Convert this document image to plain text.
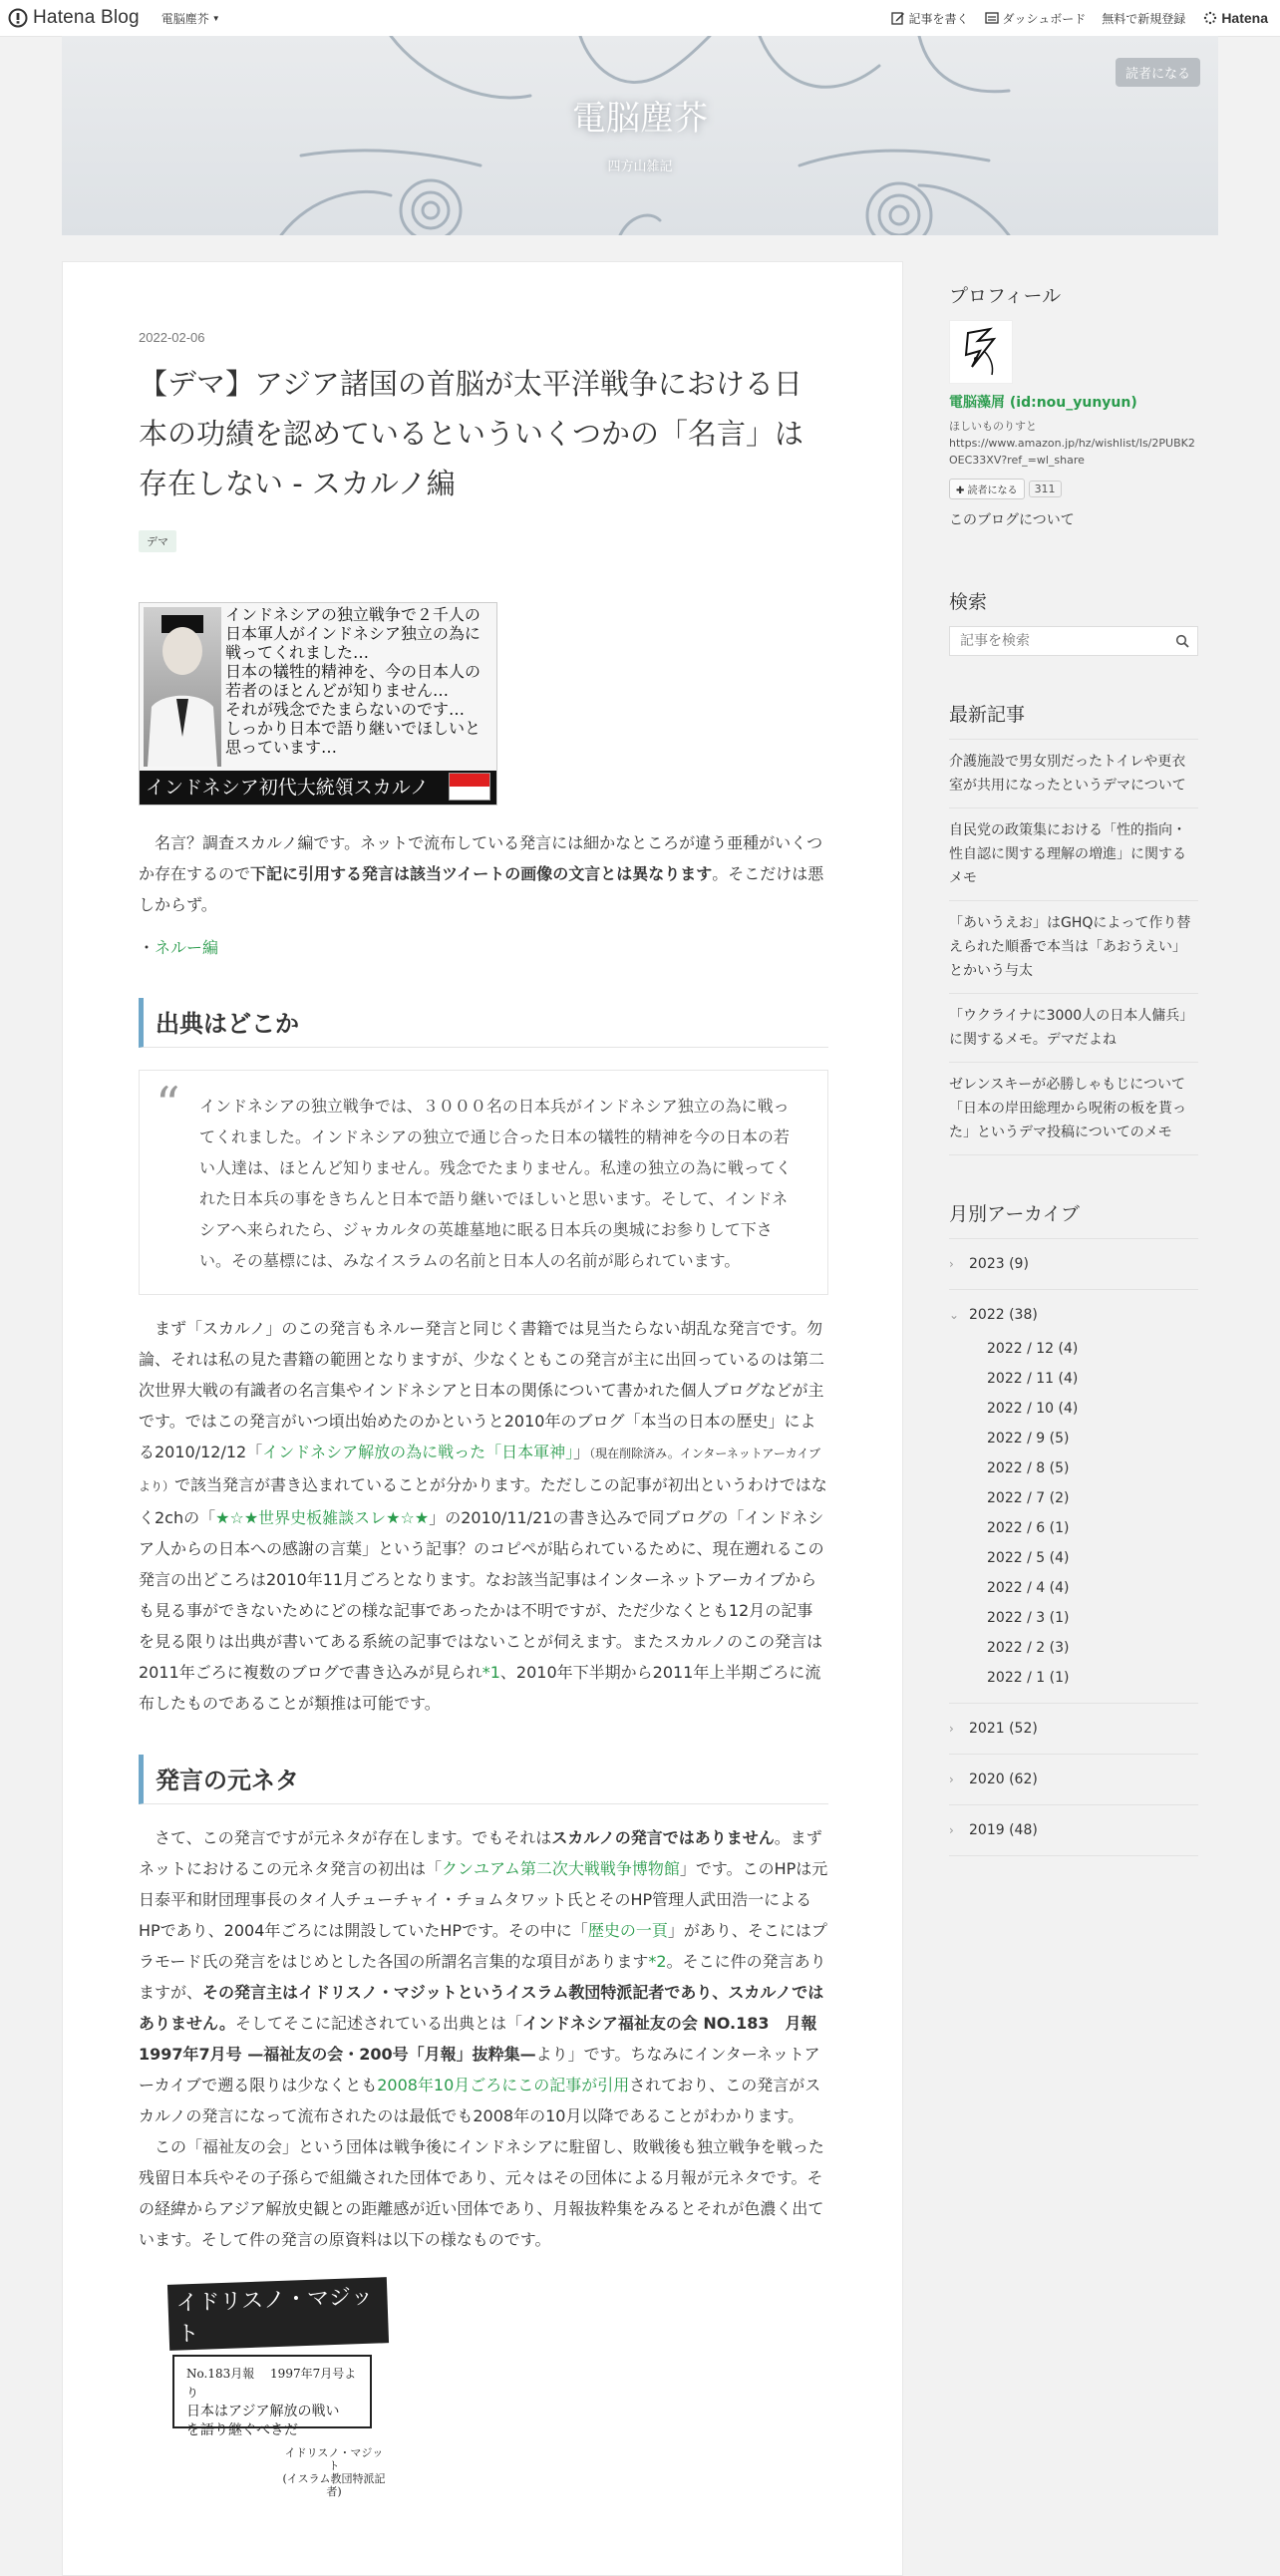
Hatena Blog 電脳塵芥 ▼	記事を書く	ダッシュボード 無料で新規登録	Hatena
電脳塵芥
四方山雑記
読者になる
2022-02-06
【デマ】アジア諸国の首脳が太平洋戦争における日本の功績を認めているといういくつかの「名言」は存在しない - スカルノ編
デマ
インドネシアの独立戦争で２千人の日本軍人がインドネシア独立の為に戦ってくれました…
日本の犠牲的精神を、今の日本人の若者のほとんどが知りません…
それが残念でたまらないのです…
しっかり日本で語り継いでほしいと思っています…
インドネシア初代大統領スカルノ

名言？調査スカルノ編です。ネットで流布している発言には細かなところが違う亜種がいくつか存在するので下記に引用する発言は該当ツイートの画像の文言とは異なります。そこだけは悪しからず。

・ネルー編
出典はどこか
“ インドネシアの独立戦争では、３０００名の日本兵がインドネシア独立の為に戦ってくれました。インドネシアの独立で通じ合った日本の犠牲的精神を今の日本の若い人達は、ほとんど知りません。残念でたまりません。私達の独立の為に戦ってくれた日本兵の事をきちんと日本で語り継いでほしいと思います。そして、インドネシアへ来られたら、ジャカルタの英雄墓地に眠る日本兵の奥城にお参りして下さい。その墓標には、みなイスラムの名前と日本人の名前が彫られています。

まず「スカルノ」のこの発言もネルー発言と同じく書籍では見当たらない胡乱な発言です。勿論、それは私の見た書籍の範囲となりますが、少なくともこの発言が主に出回っているのは第二次世界大戦の有識者の名言集やインドネシアと日本の関係について書かれた個人ブログなどが主です。ではこの発言がいつ頃出始めたのかというと2010年のブログ「本当の日本の歴史」による2010/12/12「インドネシア解放の為に戦った「日本軍神」」（現在削除済み。インターネットアーカイブより）で該当発言が書き込まれていることが分かります。ただしこの記事が初出というわけではなく2chの「★☆★世界史板雑談スレ★☆★」の2010/11/21の書き込みで同ブログの「インドネシア人からの日本への感謝の言葉」という記事？のコピペが貼られているために、現在遡れるこの発言の出どころは2010年11月ごろとなります。なお該当記事はインターネットアーカイブからも見る事ができないためにどの様な記事であったかは不明ですが、ただ少なくとも12月の記事を見る限りは出典が書いてある系統の記事ではないことが伺えます。またスカルノのこの発言は2011年ごろに複数のブログで書き込みが見られ*1、2010年下半期から2011年上半期ごろに流布したものであることが類推は可能です。

発言の元ネタ

さて、この発言ですが元ネタが存在します。でもそれはスカルノの発言ではありません。まずネットにおけるこの元ネタ発言の初出は「クンユアム第二次大戦戦争博物館」です。このHPは元日泰平和財団理事長のタイ人チューチャイ・チョムタワット氏とそのHP管理人武田浩一によるHPであり、2004年ごろには開設していたHPです。その中に「歴史の一頁」があり、そこにはプラモード氏の発言をはじめとした各国の所謂名言集的な項目があります*2。そこに件の発言ありますが、その発言主はイドリスノ・マジットというイスラム教団特派記者であり、スカルノではありません。そしてそこに記述されている出典とは「インドネシア福祉友の会 NO.183　月報　1997年7月号 —福祉友の会・200号「月報」抜粋集—より」です。ちなみにインターネットアーカイブで遡る限りは少なくとも2008年10月ごろにこの記事が引用されており、この発言がスカルノの発言になって流布されたのは最低でも2008年の10月以降であることがわかります。

この「福祉友の会」という団体は戦争後にインドネシアに駐留し、敗戦後も独立戦争を戦った残留日本兵やその子孫らで組織された団体であり、元々はその団体による月報が元ネタです。その経緯からアジア解放史観との距離感が近い団体であり、月報抜粋集をみるとそれが色濃く出ています。そして件の発言の原資料は以下の様なものです。

イドリスノ・マジット
No.183月報　 1997年7月号より
日本はアジア解放の戦い
を語り継ぐべきだ
イドリスノ・マジット
(イスラム教団特派記者)
プロフィール
電脳藻屑 (id:nou_yunyun)
ほしいものりすと
https://www.amazon.jp/hz/wishlist/ls/2PUBK2OEC33XV?ref_=wl_share
✚ 読者になる	311
このブログについて
検索
記事を検索
最新記事
介護施設で男女別だったトイレや更衣室が共用になったというデマについて
自民党の政策集における「性的指向・性自認に関する理解の増進」に関するメモ
「あいうえお」はGHQによって作り替えられた順番で本当は「あおうえい」とかいう与太
「ウクライナに3000人の日本人傭兵」に関するメモ。デマだよね
ゼレンスキーが必勝しゃもじについて「日本の岸田総理から呪術の板を貰った」というデマ投稿についてのメモ
月別アーカイブ
›	2023 (9)
⌄ 2022 (38)
2022 / 12 (4)
2022 / 11 (4)
2022 / 10 (4)
2022 / 9 (5)
2022 / 8 (5)
2022 / 7 (2)
2022 / 6 (1)
2022 / 5 (4)
2022 / 4 (4)
2022 / 3 (1)
2022 / 2 (3)
2022 / 1 (1)
›	2021 (52)
›	2020 (62)
›	2019 (48)
